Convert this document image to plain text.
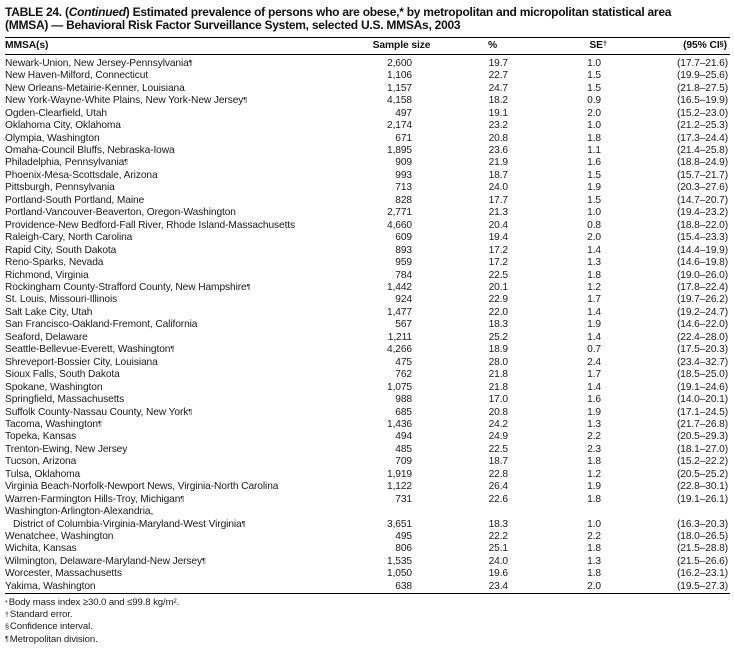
TABLE 24. (Continued) Estimated prevalence of persons who are obese,* by metropolitan and micropolitan statistical area
(MMSA) — Behavioral Risk Factor Surveillance System, selected U.S. MMSAs, 2003
MMSA(s)	Sample size	%	SE†	(95% CI§)

Newark-Union, New Jersey-Pennsylvania¶	2,600	19.7	1.0	(17.7–21.6)

New Haven-Milford, Connecticut	1,106	22.7	1.5	(19.9–25.6)

New Orleans-Metairie-Kenner, Louisiana	1,157	24.7	1.5	(21.8–27.5)

New York-Wayne-White Plains, New York-New Jersey¶	4,158	18.2	0.9	(16.5–19.9)

Ogden-Clearfield, Utah	497	19.1	2.0	(15.2–23.0)

Oklahoma City, Oklahoma	2,174	23.2	1.0	(21.2–25.3)

Olympia, Washington	671	20.8	1.8	(17.3–24.4)

Omaha-Council Bluffs, Nebraska-Iowa	1,895	23.6	1.1	(21.4–25.8)

Philadelphia, Pennsylvania¶	909	21.9	1.6	(18.8–24.9)

Phoenix-Mesa-Scottsdale, Arizona	993	18.7	1.5	(15.7–21.7)

Pittsburgh, Pennsylvania	713	24.0	1.9	(20.3–27.6)

Portland-South Portland, Maine	828	17.7	1.5	(14.7–20.7)

Portland-Vancouver-Beaverton, Oregon-Washington	2,771	21.3	1.0	(19.4–23.2)

Providence-New Bedford-Fall River, Rhode Island-Massachusetts	4,660	20.4	0.8	(18.8–22.0)

Raleigh-Cary, North Carolina	609	19.4	2.0	(15.4–23.3)

Rapid City, South Dakota	893	17.2	1.4	(14.4–19.9)

Reno-Sparks, Nevada	959	17.2	1.3	(14.6–19.8)

Richmond, Virginia	784	22.5	1.8	(19.0–26.0)

Rockingham County-Strafford County, New Hampshire¶	1,442	20.1	1.2	(17.8–22.4)

St. Louis, Missouri-Illinois	924	22.9	1.7	(19.7–26.2)

Salt Lake City, Utah	1,477	22.0	1.4	(19.2–24.7)

San Francisco-Oakland-Fremont, California	567	18.3	1.9	(14.6–22.0)

Seaford, Delaware	1,211	25.2	1.4	(22.4–28.0)

Seattle-Bellevue-Everett, Washington¶	4,266	18.9	0.7	(17.5–20.3)

Shreveport-Bossier City, Louisiana	475	28.0	2.4	(23.4–32.7)

Sioux Falls, South Dakota	762	21.8	1.7	(18.5–25.0)

Spokane, Washington	1,075	21.8	1.4	(19.1–24.6)

Springfield, Massachusetts	988	17.0	1.6	(14.0–20.1)

Suffolk County-Nassau County, New York¶	685	20.8	1.9	(17.1–24.5)

Tacoma, Washington¶	1,436	24.2	1.3	(21.7–26.8)

Topeka, Kansas	494	24.9	2.2	(20.5–29.3)

Trenton-Ewing, New Jersey	485	22.5	2.3	(18.1–27.0)

Tucson, Arizona	709	18.7	1.8	(15.2–22.2)

Tulsa, Oklahoma	1,919	22.8	1.2	(20.5–25.2)

Virginia Beach-Norfolk-Newport News, Virginia-North Carolina	1,122	26.4	1.9	(22.8–30.1)

Warren-Farmington Hills-Troy, Michigan¶	731	22.6	1.8	(19.1–26.1)

Washington-Arlington-Alexandria,
District of Columbia-Virginia-Maryland-West Virginia¶	3,651	18.3	1.0	(16.3–20.3)

Wenatchee, Washington	495	22.2	2.2	(18.0–26.5)

Wichita, Kansas	806	25.1	1.8	(21.5–28.8)

Wilmington, Delaware-Maryland-New Jersey¶	1,535	24.0	1.3	(21.5–26.6)

Worcester, Massachusetts	1,050	19.6	1.8	(16.2–23.1)

Yakima, Washington	638	23.4	2.0	(19.5–27.3)
*Body mass index ≥30.0 and ≤99.8 kg/m².
†Standard error.
§Confidence interval.
¶Metropolitan division.
